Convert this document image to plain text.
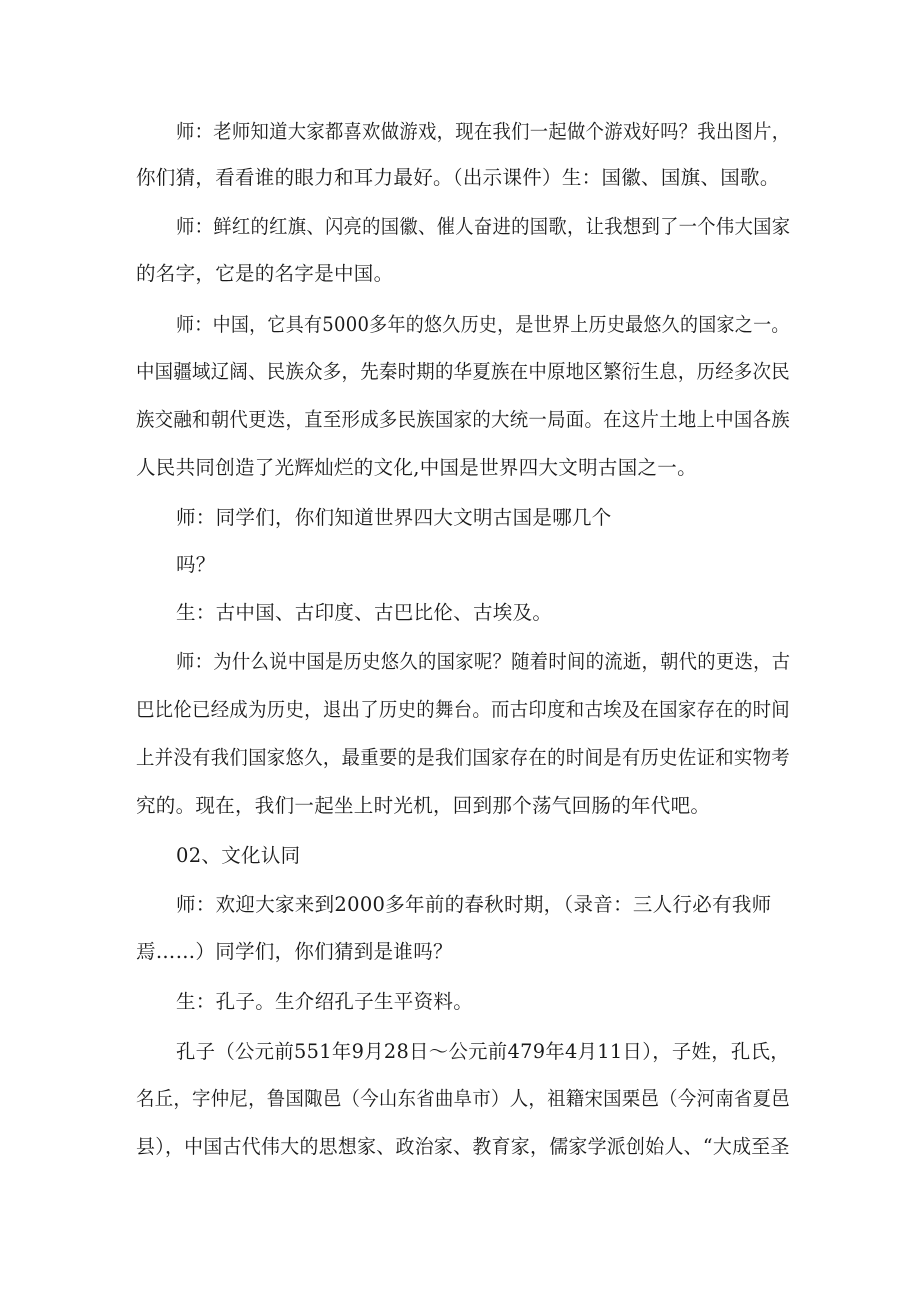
师：老师知道大家都喜欢做游戏，现在我们一起做个游戏好吗？我出图片，
你们猜，看看谁的眼力和耳力最好。（出示课件）生：国徽、国旗、国歌。
师：鲜红的红旗、闪亮的国徽、催人奋进的国歌，让我想到了一个伟大国家
的名字，它是的名字是中国。
师：中国，它具有5000多年的悠久历史，是世界上历史最悠久的国家之一。
中国疆域辽阔、民族众多，先秦时期的华夏族在中原地区繁衍生息，历经多次民
族交融和朝代更迭，直至形成多民族国家的大统一局面。在这片土地上中国各族
人民共同创造了光辉灿烂的文化,中国是世界四大文明古国之一。
师：同学们，你们知道世界四大文明古国是哪几个
吗？
生：古中国、古印度、古巴比伦、古埃及。
师：为什么说中国是历史悠久的国家呢？随着时间的流逝，朝代的更迭，古
巴比伦已经成为历史，退出了历史的舞台。而古印度和古埃及在国家存在的时间
上并没有我们国家悠久，最重要的是我们国家存在的时间是有历史佐证和实物考
究的。现在，我们一起坐上时光机，回到那个荡气回肠的年代吧。
02、文化认同
师：欢迎大家来到2000多年前的春秋时期，（录音：三人行必有我师
焉……）同学们，你们猜到是谁吗？
生：孔子。生介绍孔子生平资料。
孔子（公元前551年9月28日～公元前479年4月11日），子姓，孔氏，
名丘，字仲尼，鲁国陬邑（今山东省曲阜市）人，祖籍宋国栗邑（今河南省夏邑
县），中国古代伟大的思想家、政治家、教育家，儒家学派创始人、“大成至圣
